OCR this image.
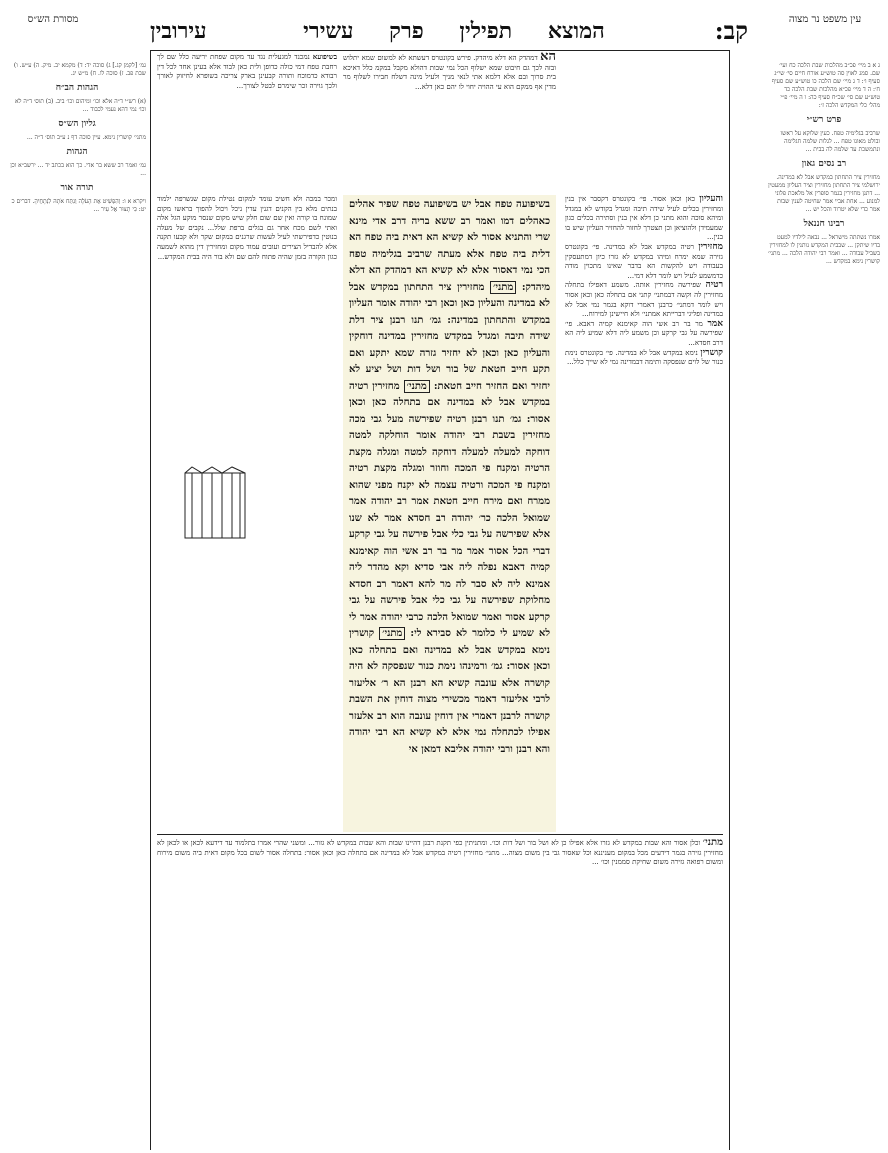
קב:
המוצא תפילין פרק עשירי
עירובין	עין משפט נר מצוה
מסורת הש״ס
הא דמהדק הא דלא מיהדק. פירש בקונטרס דעשתא לא למשום שמא יתלוש ובזה לכך גם חיבוט שמא ישלוף הכל נמי שבות דהולא מקבל במקמ כלל דאיכא בית סרוך ובם אלא דלמא אתי לנאי מניך ולעיל מינה דשלח חבירו לשלוף מר מדין אף ממקם הוא עי ההויה יחוי לו יהם כאן דלא...
בשיפועא נמכנד למגעלית נגד עד מקום שפחת יריעה כלל שם לך רחבת טפח דמי כולה כדופן ולית כאן לבוד אלא בעינן אחד לכל דין רבודא כדמוכח ותורה קבעינן בארק צריכה בשופרא לחיזוק לאורך ולכך גוירה זכר שימרם לבטל לצורך...
בשיפועה טפח אבל יש בשיפועה טפח שפיר אהלים כאהלים דמו ואמר רב ששא בריה דרב אדי מינא שרי והתניא אסור לא קשיא הא דאית ביה טפח הא דלית ביה טפח אלא מעתה שרביב בגלימיה טפח הכי נמי דאסור אלא לא קשיא הא דמהדק הא דלא מיהדק: מתני׳ מחזירין ציר התחתון במקדש אבל לא במדינה והעליון כאן וכאן רבי יהודה אומר העליון במקדש והתחתון במדינה: גמ׳ תנו רבנן ציר דלת שידה תיבה ומגדל במקדש מחזירין במדינה דוחקין והעליון כאן וכאן לא יחזיר גזרה שמא יתקע ואם תקע חייב חטאת של בור ושל דות ושל יציע לא יחזיר ואם החזיר חייב חטאת: מתני׳ מחזירין רטיה במקדש אבל לא במדינה אם בתחלה כאן וכאן אסור: גמ׳ תנו רבנן רטיה שפירשה מעל גבי מכה מחזירין בשבת רבי יהודה אומר הוחלקה למטה דוחקה למעלה למעלה דוחקה למטה ומגלה מקצת הרטיה ומקנח פי המכה וחוזר ומגלה מקצת רטיה ומקנח פי המכה ורטיה עצמה לא יקנח מפני שהוא ממרח ואם מירח חייב חטאת אמר רב יהודה אמר שמואל הלכה כר׳ יהודה רב חסדא אמר לא שנו אלא שפירשה על גבי כלי אבל פירשה על גבי קרקע דברי הכל אסור אמר מר בר רב אשי הוה קאימנא קמיה דאבא נפלה ליה אבי סדיא וקא מהדר ליה אמינא ליה לא סבר לה מר להא דאמר רב חסדא מחלוקת שפירשה על גבי כלי אבל פירשה על גבי קרקע אסור ואמר שמואל הלכה כרבי יהודה אמר לי לא שמיע לי כלומר לא סבירא לי: מתני׳ קושרין נימא במקדש אבל לא במדינה ואם בתחלה כאן וכאן אסור: גמ׳ ורמינהו נימת כנור שנפסקה לא היה קושרה אלא עונבה קשיא הא רבנן הא ר׳ אליעזר לרבי אליעזר דאמר מכשירי מצוה דוחין את השבת קושרה לרבנן דאמרי אין דוחין עונבה הוא רב אלעזר אפילו לכתחלה נמי אלא לא קשיא הא רבי יהודה והא רבנן ורבי יהודה אליבא דמאן אי

והעליון כאן וכאן אסור. פי׳ בקונטרס דקסבר אין בנין ומחזירין בכלים לעיל שידה תיבה ומגדל בקודש לא במגדל ומיהא סוכה והוא מתני כן דלא אין בנין וסתירה בכלים כגון שמעמידן ולהוציאן וכן תצטרך לחזור להחזיר העליון שיש בו בנין...

מחזירין רטיה במקדש אבל לא במדינה. פי׳ בקונטרס גזירה שמא ימרח ומיהו במקדש לא גזרו כיון דמתעסקין בעבודה ויש להקשות הא בדבר שאינו מתכוין מודה כדמשמע לעיל ויש לומר דלא דמי...

רטיה שפירשה מחזירין אותה. משמע דאפילו בתחלה מחזירין לה וקשה דבמתני׳ קתני אם בתחלה כאן וכאן אסור ויש לומר דמתני׳ כרבנן דאמרי דוקא בגמר נמי אבל לא במדינה ופליגי דברייתא אמתני׳ ולא חיישינן למירוח...

אמר מר בר רב אשי הוה קאימנא קמיה דאבא. פי׳ שפירשה על גבי קרקע וכן משמע ליה דלא שמיע ליה הא דרב חסדא...

קושרין נימא במקדש אבל לא במדינה. פי׳ בקונטרס נימת כנור של לוים שנפסקה ותימה דבמדינה נמי לא שייך כלל...

ומכר במכה ולא חשיב עומד למקום נטילת מקום שנשרפה ילמוד בנתים מלא בין הקנים דגנין עדין ניכל ויכול להפוך בראשו מקום שמונח בו קורה ואין שם שום חלק שיש מקום שנסר מוקע הגל אלה ואתי לשם מכח אחר גם בגלים ברפת שלל... נקבים של מעלה בנוטין כדפירשתי לעיל לעשות שרגנים במקום שקר ולא קבעו תקנה אלא להבדיל הצירים ועובים עמוד מקום ומחזירין דין מהוא לשמעה כגון הקורה בזמן שהיה פתוח להם שם ולא בור היה בבית המקדש...

מתני׳ וכלן אסור והא שבות במקדש לא גזרו אלא אפילו כן לא ושל בור ושל דות וכו׳. ומתניתין כפי תקנת רבנן דהיינו שבות והא שבות במקדש לא גזור... ומשני שהרי אמרו בתלמוד עד דידעא לכאן או לכאן לא מחזירין גזירה בגמר דידעים מכל במקום מעניננא וכל שאסור גבי בין משום מצוה... מתני׳ מחזירין רטיה במקדש אבל לא במדינה אם בתחלה כאן וכאן אסור: בתחלה אסור לשום בכל מקום דאית ביה משום מירוח ומשום רפואה גזירה משום שחיקת סממנין וכו׳ ...

ג א ב מיי׳ פכ״ב מהלכות שבת הלכה כח ועי׳ שם. סמג לאוין סה טוש״ע אורח חיים סי׳ שי״ג סעיף ו׳: ד ג מיי׳ שם הלכה כו טוש״ע שם סעיף ח׳: ה ד מיי׳ פכ״א מהלכות שבת הלכה כד טוש״ע שם סי׳ שכ״ח סעיף כה: ו ה מיי׳ פ״י מהל׳ כלי המקדש הלכה ז׳:

פרט רש״י

שרביב בגלימיה טפח. כעין שלוקא על ראשו ובולט מאונו טפח ... לגלות שלמה חגלימה ונתמשכת עד שלמה לה בבית ...

רב נסים גאון

מחזירין ציר התחתון במקדש אבל לא במדינה. ירושלמי ציר התחתון מחזירין וציר העליון ממעטין ... דתנן מחזירין בגמר סופרין אל מלאכת פלוני למנוע ... אחת אביי אמר שחיטה לענין שבות אמר כדי שלא יטרוד והכל יש ...

רבינו חננאל

אמרו נשתתה מישראל ... נבאה לילדיו למעט בדיו שיתקן ... שבבית המקדש נותנין לו למחזירין בשביל עבודה ... ואמר רבי יהודה הלכה ... מתני׳ קושרין נימא במקדש ...

גמ׳ [לקמן קג.] ג) סוכה יד: ד) מקמא יב. מיק. ה) ע״ש. ו) שבת פב. ז) סוכה לו. ח) מ״ש יג.

הגהות הב״ח

(א) רש״י ד״ה אלא וכו׳ ומיהום וכו׳ ביב. (ב) תוס׳ ד״ה לא וכו׳ נמי דהא נעמי לכבוד ...

גליון הש״ס

מתני׳ קושרין נימא. עיין סוכה דף נ ע״ב תוס׳ ד״ה ...

הגהות

גמ׳ ואמר רב ששא בר אדי. כך הוא בכתב יד ... ירשב״א וכן ...

תורה אור

ויקרא א ו: וְהִפְשִׁיט אֶת הָעֹלָה וְנִתַּח אֹתָהּ לִנְתָחֶיהָ. דברים כ יט: כִּי תָצוּר אֶל עִיר ...
